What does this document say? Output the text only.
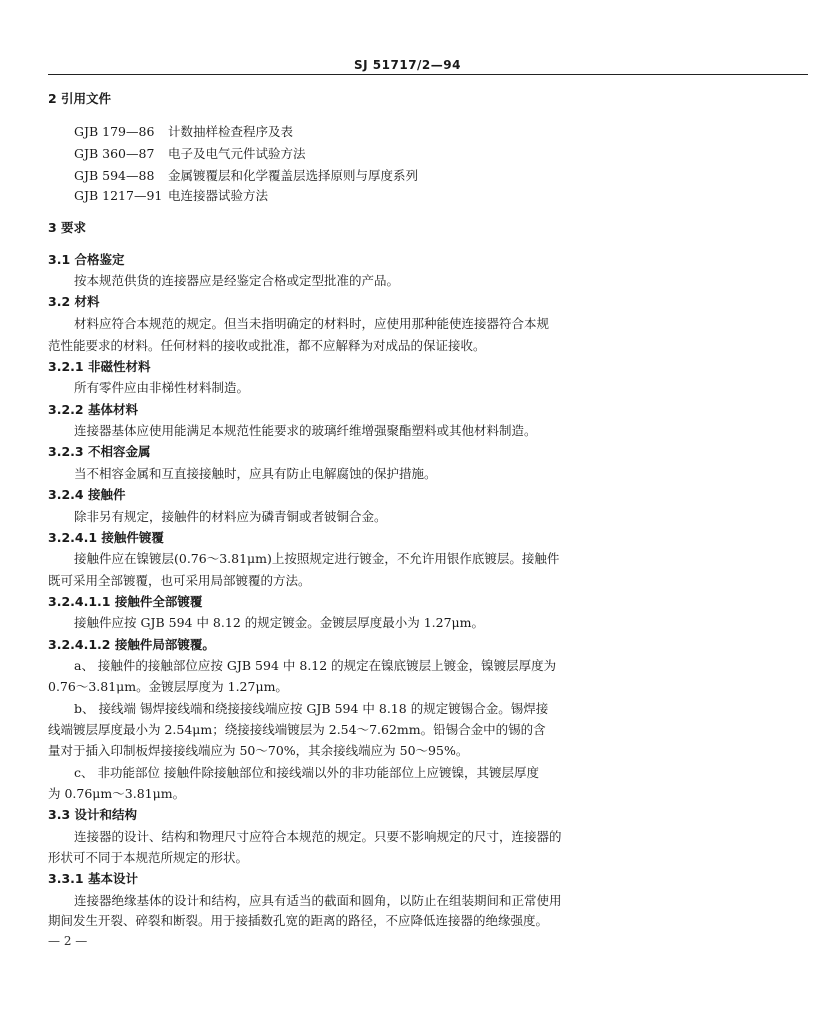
SJ 51717/2—94
2 引用文件
GJB 179—86 计数抽样检查程序及表
GJB 360—87 电子及电气元件试验方法
GJB 594—88 金属镀覆层和化学覆盖层选择原则与厚度系列
GJB 1217—91 电连接器试验方法
3 要求
3.1 合格鉴定
按本规范供货的连接器应是经鉴定合格或定型批准的产品。
3.2 材料
材料应符合本规范的规定。但当未指明确定的材料时，应使用那种能使连接器符合本规
范性能要求的材料。任何材料的接收或批准，都不应解释为对成品的保证接收。
3.2.1 非磁性材料
所有零件应由非梯性材料制造。
3.2.2 基体材料
连接器基体应使用能满足本规范性能要求的玻璃纤维增强聚酯塑料或其他材料制造。
3.2.3 不相容金属
当不相容金属和互直接接触时，应具有防止电解腐蚀的保护措施。
3.2.4 接触件
除非另有规定，接触件的材料应为磷青铜或者铍铜合金。
3.2.4.1 接触件镀覆
接触件应在镍镀层(0.76～3.81μm)上按照规定进行镀金，不允许用银作底镀层。接触件
既可采用全部镀覆，也可采用局部镀覆的方法。
3.2.4.1.1 接触件全部镀覆
接触件应按 GJB 594 中 8.12 的规定镀金。金镀层厚度最小为 1.27μm。
3.2.4.1.2 接触件局部镀覆。
a、 接触件的接触部位应按 GJB 594 中 8.12 的规定在镍底镀层上镀金，镍镀层厚度为
0.76～3.81μm。金镀层厚度为 1.27μm。
b、 接线端 锡焊接线端和绕接接线端应按 GJB 594 中 8.18 的规定镀锡合金。锡焊接
线端镀层厚度最小为 2.54μm；绕接接线端镀层为 2.54～7.62mm。铅锡合金中的锡的含
量对于插入印制板焊接接线端应为 50～70%，其余接线端应为 50～95%。
c、 非功能部位 接触件除接触部位和接线端以外的非功能部位上应镀镍，其镀层厚度
为 0.76μm～3.81μm。
3.3 设计和结构
连接器的设计、结构和物理尺寸应符合本规范的规定。只要不影响规定的尺寸，连接器的
形状可不同于本规范所规定的形状。
3.3.1 基本设计
连接器绝缘基体的设计和结构，应具有适当的截面和圆角，以防止在组装期间和正常使用
期间发生开裂、碎裂和断裂。用于接插数孔宽的距离的路径，不应降低连接器的绝缘强度。
— 2 —
